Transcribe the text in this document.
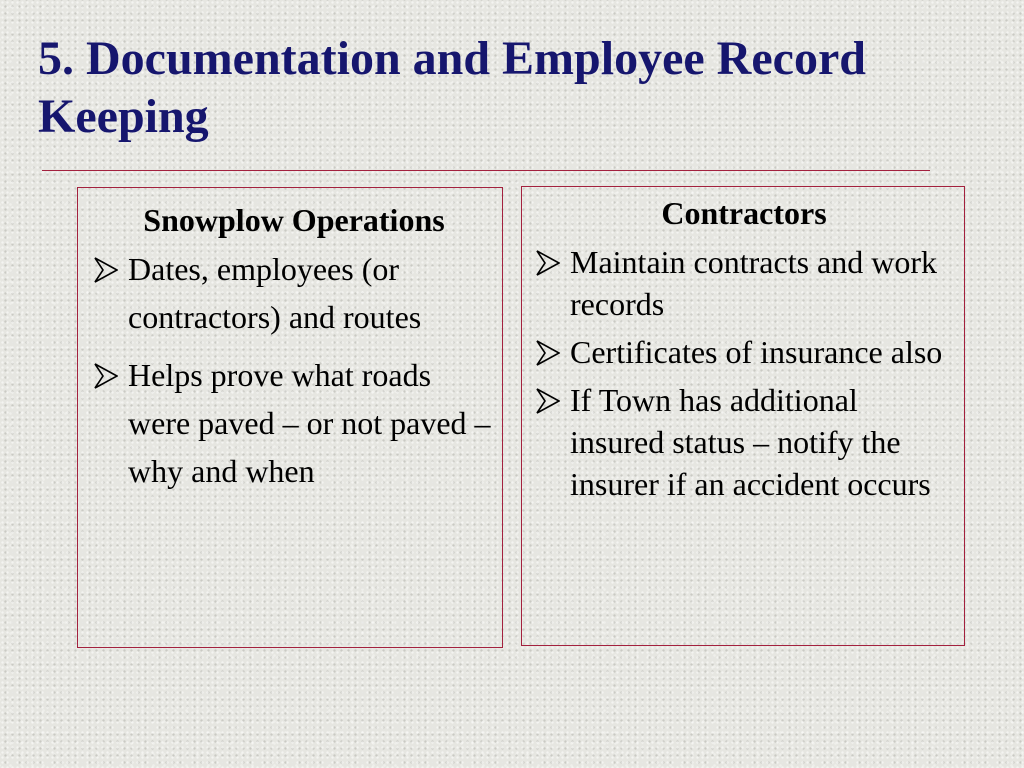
5. Documentation and Employee Record Keeping
Snowplow Operations
Dates, employees (or contractors) and routes
Helps prove what roads were paved – or not paved – why and when
Contractors
Maintain contracts and work records
Certificates of insurance also
If Town has additional insured status – notify the insurer if an accident occurs
